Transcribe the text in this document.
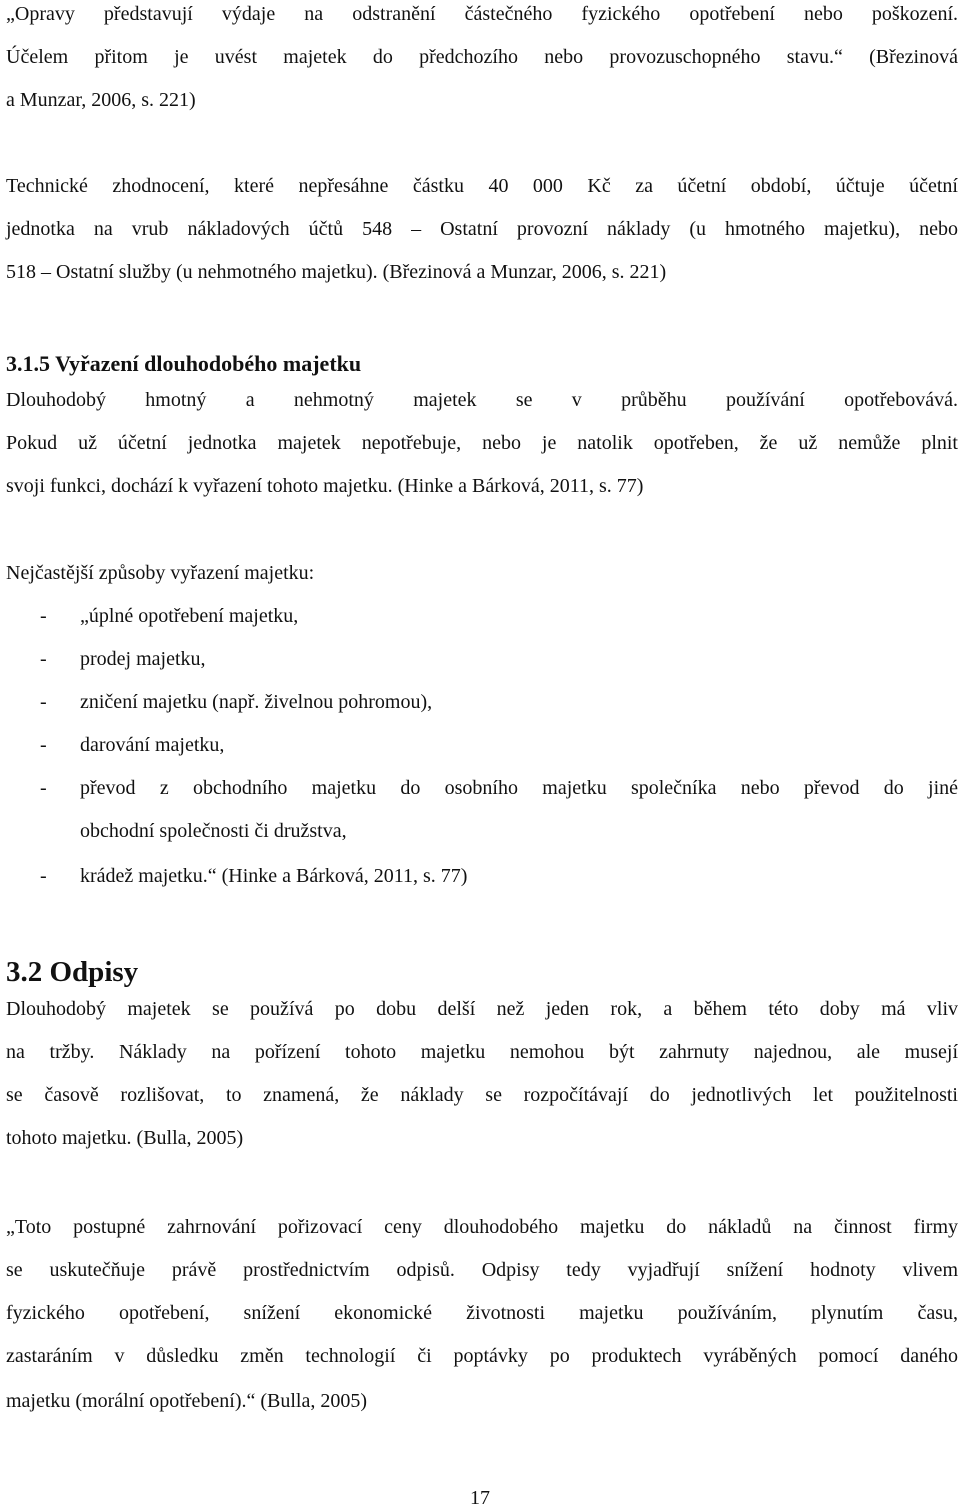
„Opravy představují výdaje na odstranění částečného fyzického opotřebení nebo poškození.
Účelem přitom je uvést majetek do předchozího nebo provozuschopného stavu.“ (Březinová
a Munzar, 2006, s. 221)
Technické zhodnocení, které nepřesáhne částku 40 000 Kč za účetní období, účtuje účetní
jednotka na vrub nákladových účtů 548 – Ostatní provozní náklady (u hmotného majetku), nebo
518 – Ostatní služby (u nehmotného majetku). (Březinová a Munzar, 2006, s. 221)
3.1.5 Vyřazení dlouhodobého majetku
Dlouhodobý hmotný a nehmotný majetek se v průběhu používání opotřebovává.
Pokud už účetní jednotka majetek nepotřebuje, nebo je natolik opotřeben, že už nemůže plnit
svoji funkci, dochází k vyřazení tohoto majetku. (Hinke a Bárková, 2011, s. 77)
Nejčastější způsoby vyřazení majetku:
- „úplné opotřebení majetku,
- prodej majetku,
- zničení majetku (např. živelnou pohromou),
- darování majetku,
- převod z obchodního majetku do osobního majetku společníka nebo převod do jiné
obchodní společnosti či družstva,
- krádež majetku.“ (Hinke a Bárková, 2011, s. 77)
3.2 Odpisy
Dlouhodobý majetek se používá po dobu delší než jeden rok, a během této doby má vliv
na tržby. Náklady na pořízení tohoto majetku nemohou být zahrnuty najednou, ale musejí
se časově rozlišovat, to znamená, že náklady se rozpočítávají do jednotlivých let použitelnosti
tohoto majetku. (Bulla, 2005)
„Toto postupné zahrnování pořizovací ceny dlouhodobého majetku do nákladů na činnost firmy
se uskutečňuje právě prostřednictvím odpisů. Odpisy tedy vyjadřují snížení hodnoty vlivem
fyzického opotřebení, snížení ekonomické životnosti majetku používáním, plynutím času,
zastaráním v důsledku změn technologií či poptávky po produktech vyráběných pomocí daného
majetku (morální opotřebení).“ (Bulla, 2005)
17
